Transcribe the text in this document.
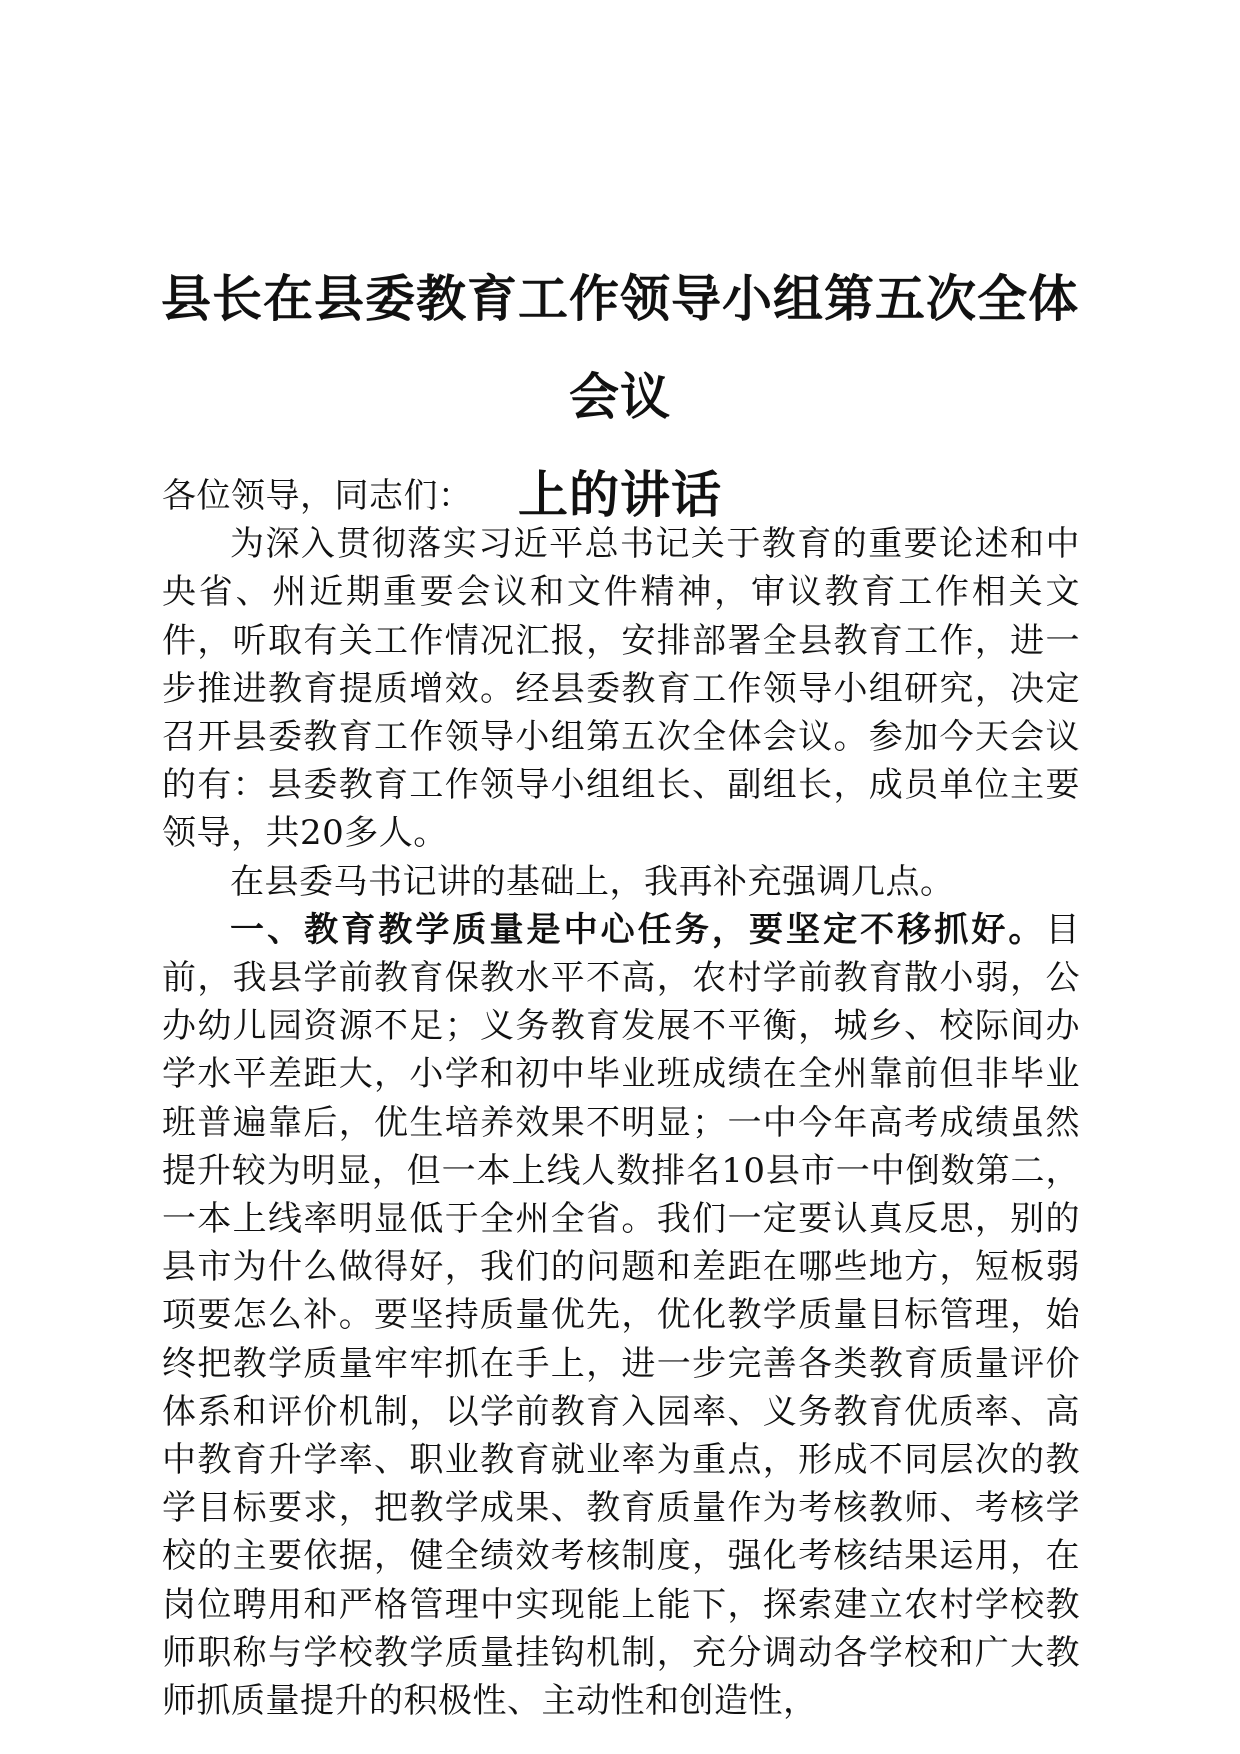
县长在县委教育工作领导小组第五次全体会议
上的讲话

各位领导，同志们：

为深入贯彻落实习近平总书记关于教育的重要论述和中央省、州近期重要会议和文件精神，审议教育工作相关文件，听取有关工作情况汇报，安排部署全县教育工作，进一步推进教育提质增效。经县委教育工作领导小组研究，决定召开县委教育工作领导小组第五次全体会议。参加今天会议的有：县委教育工作领导小组组长、副组长，成员单位主要领导，共20多人。

在县委马书记讲的基础上，我再补充强调几点。

一、教育教学质量是中心任务，要坚定不移抓好。目前，我县学前教育保教水平不高，农村学前教育散小弱，公办幼儿园资源不足；义务教育发展不平衡，城乡、校际间办学水平差距大，小学和初中毕业班成绩在全州靠前但非毕业班普遍靠后，优生培养效果不明显；一中今年高考成绩虽然提升较为明显，但一本上线人数排名10县市一中倒数第二，一本上线率明显低于全州全省。我们一定要认真反思，别的县市为什么做得好，我们的问题和差距在哪些地方，短板弱项要怎么补。要坚持质量优先，优化教学质量目标管理，始终把教学质量牢牢抓在手上，进一步完善各类教育质量评价体系和评价机制，以学前教育入园率、义务教育优质率、高中教育升学率、职业教育就业率为重点，形成不同层次的教学目标要求，把教学成果、教育质量作为考核教师、考核学校的主要依据，健全绩效考核制度，强化考核结果运用，在岗位聘用和严格管理中实现能上能下，探索建立农村学校教师职称与学校教学质量挂钩机制，充分调动各学校和广大教师抓质量提升的积极性、主动性和创造性，
